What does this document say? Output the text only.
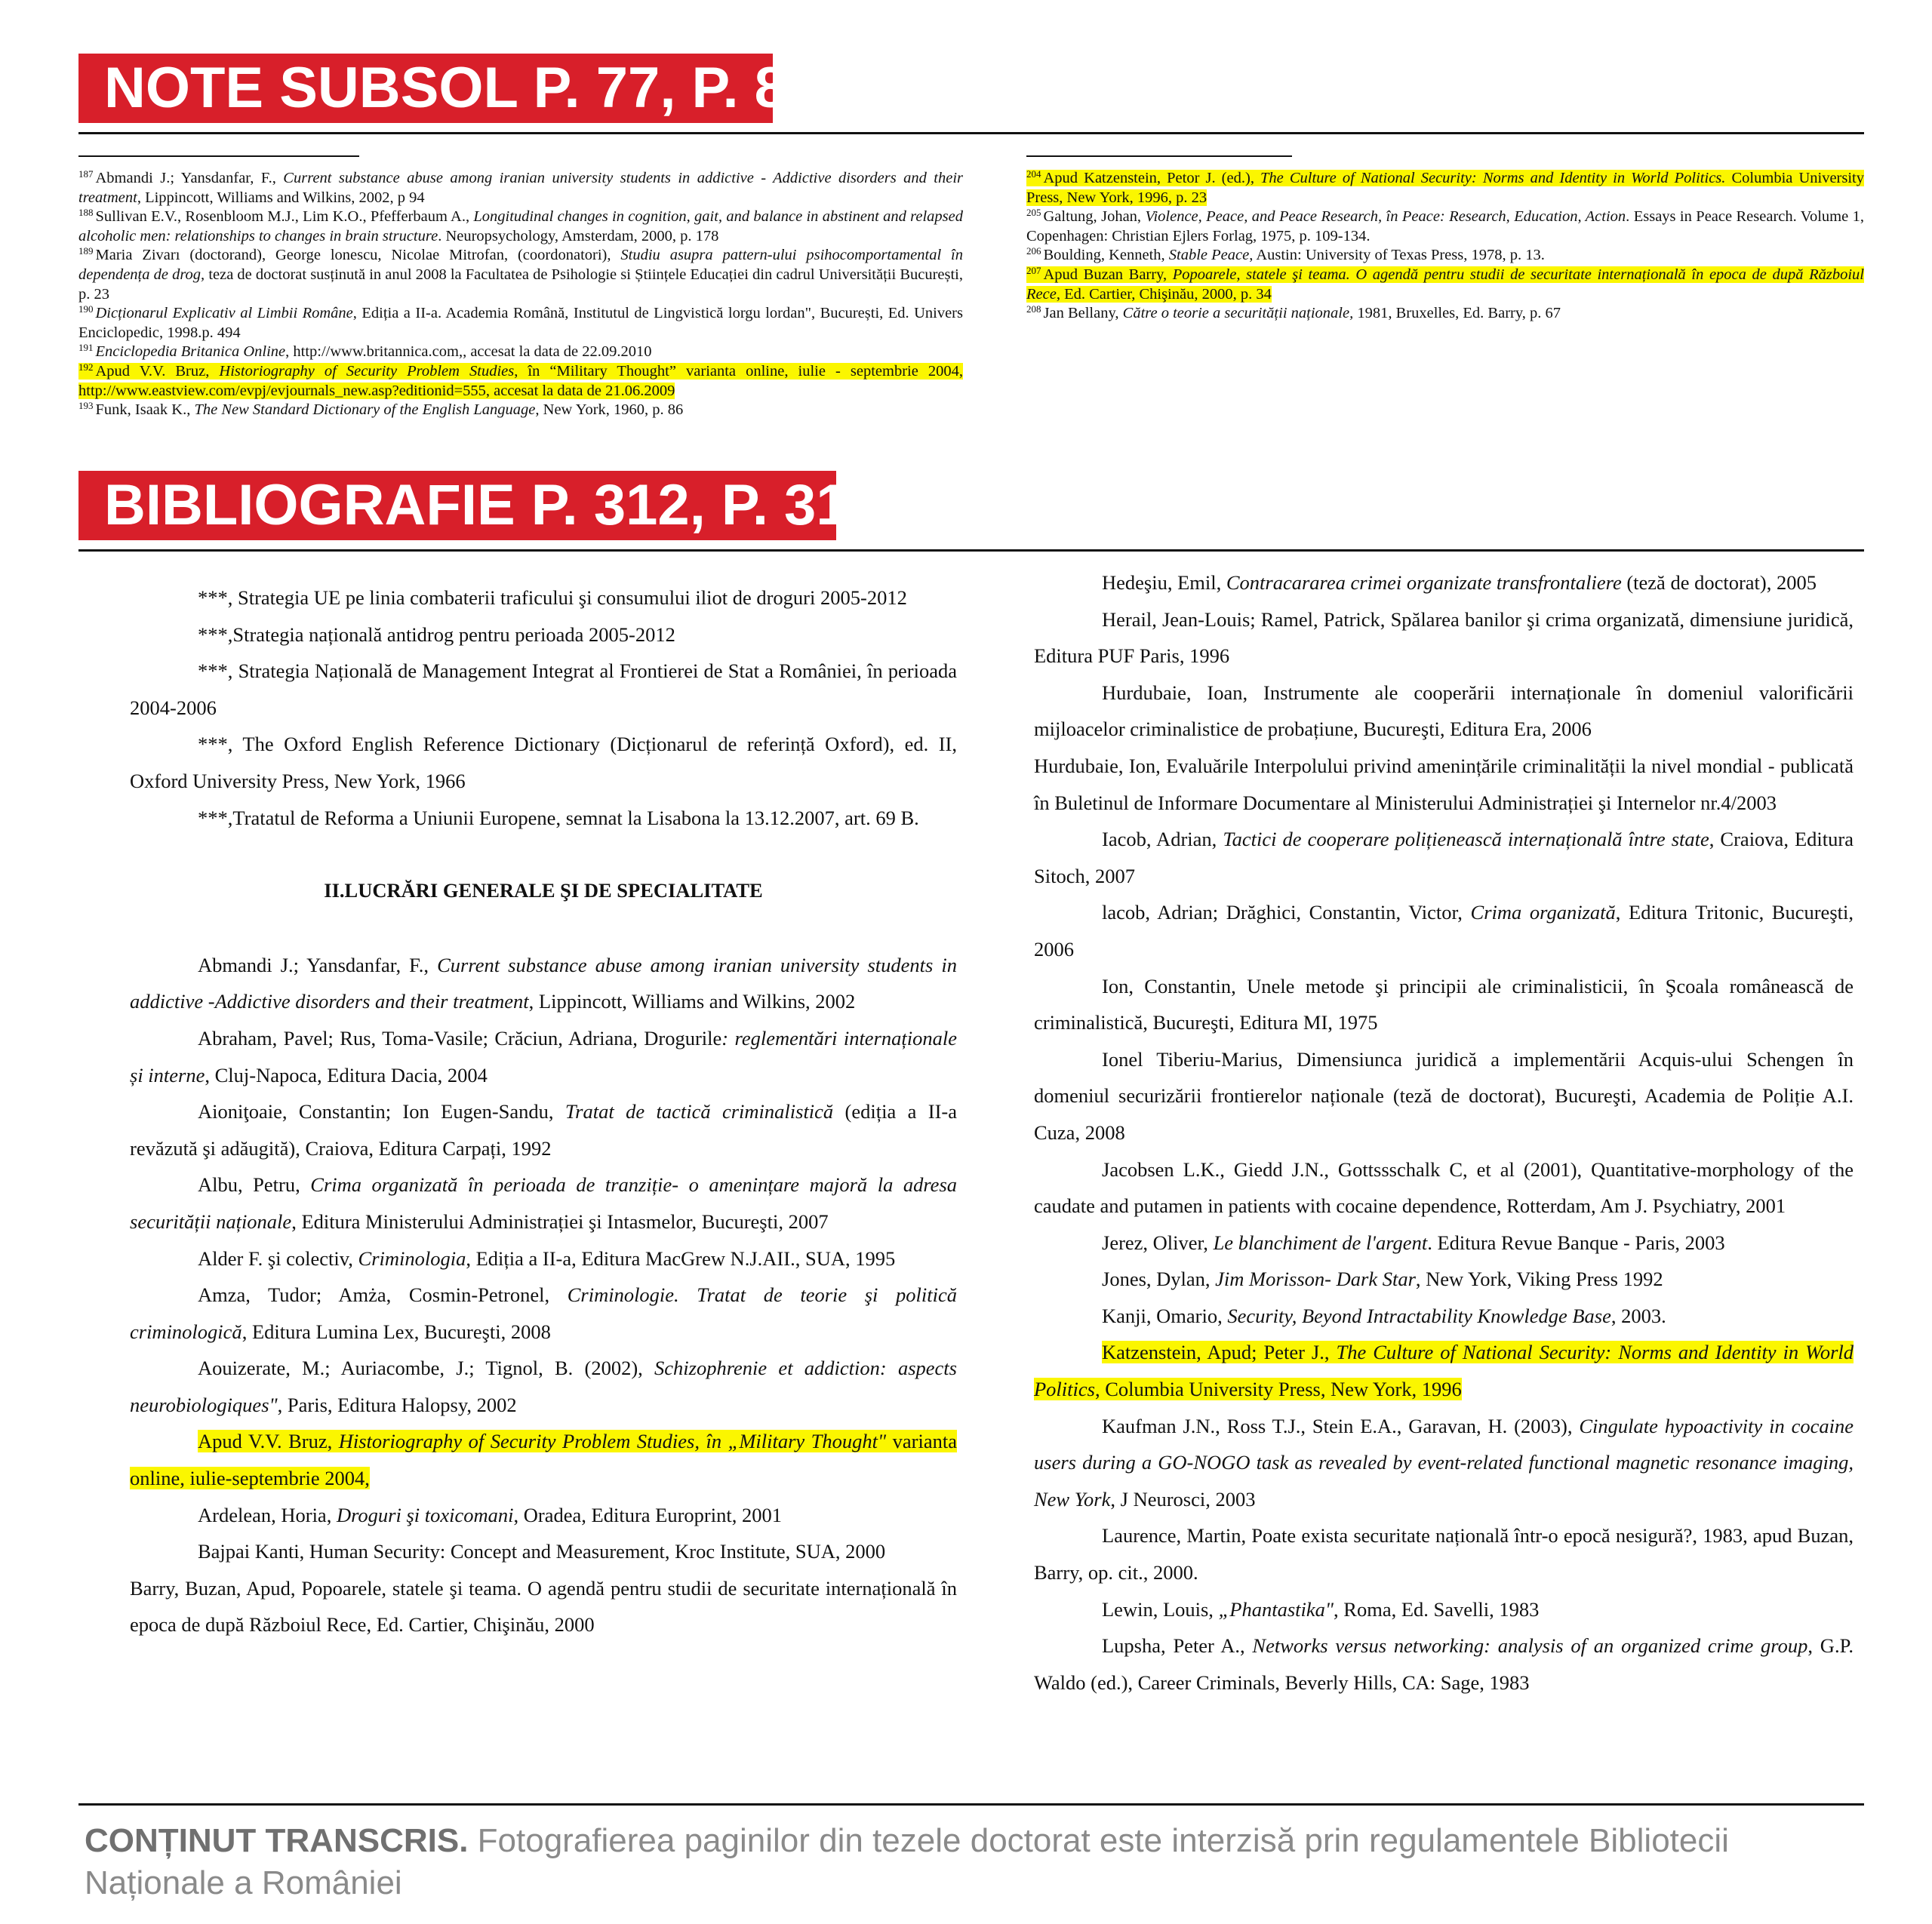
NOTE SUBSOL P. 77, P. 83

$^{187}$ Abmandi J.; Yansdanfar, F., Current substance abuse among iranian university students in addictive - Addictive disorders and their treatment, Lippincott, Williams and Wilkins, 2002, p 94

$^{188}$ Sullivan E.V., Rosenbloom M.J., Lim K.O., Pfefferbaum A., Longitudinal changes in cognition, gait, and balance in abstinent and relapsed alcoholic men: relationships to changes in brain structure. Neuropsychology, Amsterdam, 2000, p. 178

$^{189}$ Maria Zivarı (doctorand), George lonescu, Nicolae Mitrofan, (coordonatori), Studiu asupra pattern-ului psihocomportamental în dependența de drog, teza de doctorat susținută in anul 2008 la Facultatea de Psihologie si Științele Educației din cadrul Universității București, p. 23

$^{190}$ Dicționarul Explicativ al Limbii Române, Ediția a II-a. Academia Română, Institutul de Lingvistică lorgu lordan", București, Ed. Univers Enciclopedic, 1998.p. 494

$^{191}$ Enciclopedia Britanica Online, http://www.britannica.com,, accesat la data de 22.09.2010

$^{192}$ Apud V.V. Bruz, Historiography of Security Problem Studies, în “Military Thought” varianta online, iulie - septembrie 2004, http://www.eastview.com/evpj/evjournals_new.asp?editionid=555, accesat la data de 21.06.2009

$^{193}$ Funk, Isaak K., The New Standard Dictionary of the English Language, New York, 1960, p. 86

$^{204}$ Apud Katzenstein, Petor J. (ed.), The Culture of National Security: Norms and Identity in World Politics. Columbia University Press, New York, 1996, p. 23

$^{205}$ Galtung, Johan, Violence, Peace, and Peace Research, în Peace: Research, Education, Action. Essays in Peace Research. Volume 1, Copenhagen: Christian Ejlers Forlag, 1975, p. 109-134.

$^{206}$ Boulding, Kenneth, Stable Peace, Austin: University of Texas Press, 1978, p. 13.

$^{207}$ Apud Buzan Barry, Popoarele, statele şi teama. O agendă pentru studii de securitate internațională în epoca de după Războiul Rece, Ed. Cartier, Chişinău, 2000, p. 34

$^{208}$ Jan Bellany, Către o teorie a securității naționale, 1981, Bruxelles, Ed. Barry, p. 67

BIBLIOGRAFIE P. 312, P. 317

***, Strategia UE pe linia combaterii traficului şi consumului iliot de droguri 2005-2012

***,Strategia națională antidrog pentru perioada 2005-2012

***, Strategia Națională de Management Integrat al Frontierei de Stat a României, în perioada 2004-2006

***, The Oxford English Reference Dictionary (Dicționarul de referință Oxford), ed. II, Oxford University Press, New York, 1966

***,Tratatul de Reforma a Uniunii Europene, semnat la Lisabona la 13.12.2007, art. 69 B.

II.LUCRĂRI GENERALE ŞI DE SPECIALITATE

Abmandi J.; Yansdanfar, F., Current substance abuse among iranian university students in addictive -Addictive disorders and their treatment, Lippincott, Williams and Wilkins, 2002

Abraham, Pavel; Rus, Toma-Vasile; Crăciun, Adriana, Drogurile: reglementări internaționale și interne, Cluj-Napoca, Editura Dacia, 2004

Aioniţoaie, Constantin; Ion Eugen-Sandu, Tratat de tactică criminalistică (ediția a II-a revăzută şi adăugită), Craiova, Editura Carpați, 1992

Albu, Petru, Crima organizată în perioada de tranziție- o amenințare majoră la adresa securității naționale, Editura Ministerului Administrației şi Intasmelor, Bucureşti, 2007

Alder F. şi colectiv, Criminologia, Ediția a II-a, Editura MacGrew N.J.AII., SUA, 1995

Amza, Tudor; Amża, Cosmin-Petronel, Criminologie. Tratat de teorie şi politică criminologică, Editura Lumina Lex, Bucureşti, 2008

Aouizerate, M.; Auriacombe, J.; Tignol, B. (2002), Schizophrenie et addiction: aspects neurobiologiques", Paris, Editura Halopsy, 2002

Apud V.V. Bruz, Historiography of Security Problem Studies, în „Military Thought" varianta online, iulie-septembrie 2004,

Ardelean, Horia, Droguri şi toxicomani, Oradea, Editura Europrint, 2001

Bajpai Kanti, Human Security: Concept and Measurement, Kroc Institute, SUA, 2000

Barry, Buzan, Apud, Popoarele, statele şi teama. O agendă pentru studii de securitate internațională în epoca de după Războiul Rece, Ed. Cartier, Chişinău, 2000

Hedeşiu, Emil, Contracararea crimei organizate transfrontaliere (teză de doctorat), 2005

Herail, Jean-Louis; Ramel, Patrick, Spălarea banilor şi crima organizată, dimensiune juridică, Editura PUF Paris, 1996

Hurdubaie, Ioan, Instrumente ale cooperării internaționale în domeniul valorificării mijloacelor criminalistice de probațiune, Bucureşti, Editura Era, 2006

Hurdubaie, Ion, Evaluările Interpolului privind amenințările criminalității la nivel mondial - publicată în Buletinul de Informare Documentare al Ministerului Administrației şi Internelor nr.4/2003

Iacob, Adrian, Tactici de cooperare polițienească internațională între state, Craiova, Editura Sitoch, 2007

lacob, Adrian; Drăghici, Constantin, Victor, Crima organizată, Editura Tritonic, Bucureşti, 2006

Ion, Constantin, Unele metode şi principii ale criminalisticii, în Şcoala românească de criminalistică, Bucureşti, Editura MI, 1975

Ionel Tiberiu-Marius, Dimensiunca juridică a implementării Acquis-ului Schengen în domeniul securizării frontierelor naționale (teză de doctorat), Bucureşti, Academia de Poliție A.I. Cuza, 2008

Jacobsen L.K., Giedd J.N., Gottssschalk C, et al (2001), Quantitative-morphology of the caudate and putamen in patients with cocaine dependence, Rotterdam, Am J. Psychiatry, 2001

Jerez, Oliver, Le blanchiment de l'argent. Editura Revue Banque - Paris, 2003

Jones, Dylan, Jim Morisson- Dark Star, New York, Viking Press 1992

Kanji, Omario, Security, Beyond Intractability Knowledge Base, 2003.

Katzenstein, Apud; Peter J., The Culture of National Security: Norms and Identity in World Politics, Columbia University Press, New York, 1996

Kaufman J.N., Ross T.J., Stein E.A., Garavan, H. (2003), Cingulate hypoactivity in cocaine users during a GO-NOGO task as revealed by event-related functional magnetic resonance imaging, New York, J Neurosci, 2003

Laurence, Martin, Poate exista securitate națională într-o epocă nesigură?, 1983, apud Buzan, Barry, op. cit., 2000.

Lewin, Louis, „Phantastika", Roma, Ed. Savelli, 1983

Lupsha, Peter A., Networks versus networking: analysis of an organized crime group, G.P. Waldo (ed.), Career Criminals, Beverly Hills, CA: Sage, 1983

CONȚINUT TRANSCRIS. Fotografierea paginilor din tezele doctorat este interzisă prin regulamentele Bibliotecii Naționale a României
